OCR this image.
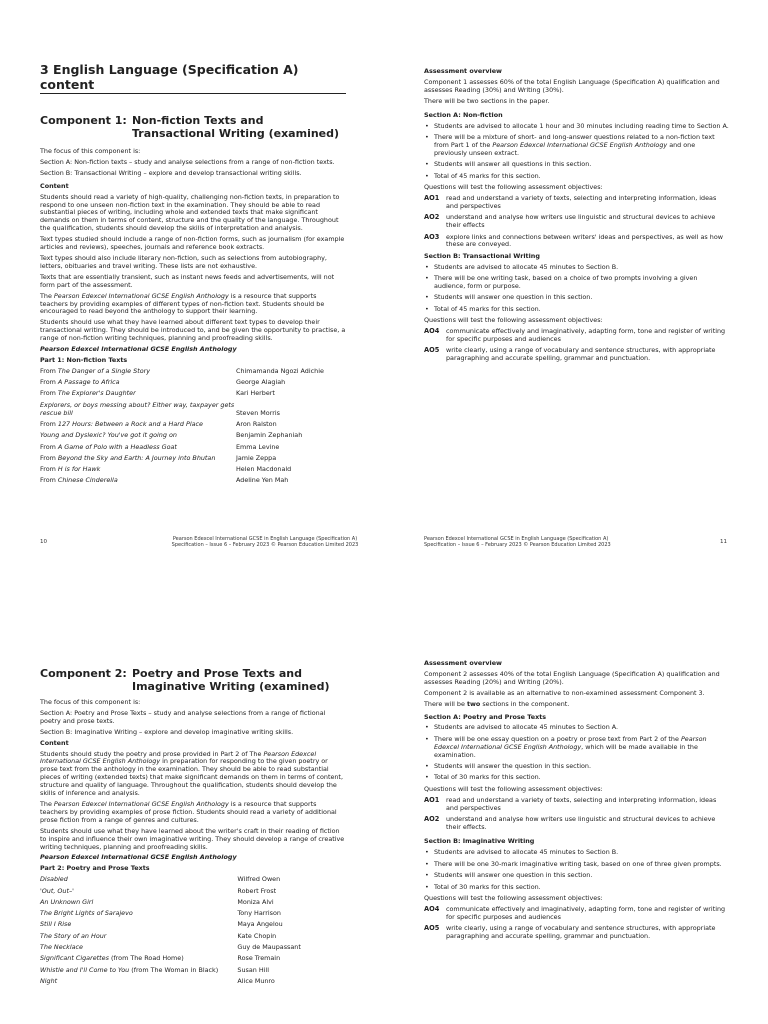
3 English Language (Specification A) content
Component 1: Non-fiction Texts and Transactional Writing (examined)

The focus of this component is:

Section A: Non-fiction texts – study and analyse selections from a range of non-fiction texts.

Section B: Transactional Writing – explore and develop transactional writing skills.

Content

Students should read a variety of high-quality, challenging non-fiction texts, in preparation to respond to one unseen non-fiction text in the examination. They should be able to read substantial pieces of writing, including whole and extended texts that make significant demands on them in terms of content, structure and the quality of the language. Throughout the qualification, students should develop the skills of interpretation and analysis.

Text types studied should include a range of non-fiction forms, such as journalism (for example articles and reviews), speeches, journals and reference book extracts.

Text types should also include literary non-fiction, such as selections from autobiography, letters, obituaries and travel writing. These lists are not exhaustive.

Texts that are essentially transient, such as instant news feeds and advertisements, will not form part of the assessment.

The Pearson Edexcel International GCSE English Anthology is a resource that supports teachers by providing examples of different types of non-fiction text. Students should be encouraged to read beyond the anthology to support their learning.

Students should use what they have learned about different text types to develop their transactional writing. They should be introduced to, and be given the opportunity to practise, a range of non-fiction writing techniques, planning and proofreading skills.

Pearson Edexcel International GCSE English Anthology

Part 1: Non-fiction Texts

From The Danger of a Single Story	Chimamanda Ngozi Adichie
From A Passage to Africa	George Alagiah
From The Explorer's Daughter	Kari Herbert
Explorers, or boys messing about? Either way, taxpayer gets rescue bill	Steven Morris
From 127 Hours: Between a Rock and a Hard Place	Aron Ralston
Young and Dyslexic? You've got it going on	Benjamin Zephaniah
From A Game of Polo with a Headless Goat	Emma Levine
From Beyond the Sky and Earth: A Journey into Bhutan	Jamie Zeppa
From H is for Hawk	Helen Macdonald
From Chinese Cinderella	Adeline Yen Mah
10	Pearson Edexcel International GCSE in English Language (Specification A)
Specification – Issue 6 – February 2023 © Pearson Education Limited 2023

Assessment overview

Component 1 assesses 60% of the total English Language (Specification A) qualification and assesses Reading (30%) and Writing (30%).

There will be two sections in the paper.

Section A: Non-fiction

• Students are advised to allocate 1 hour and 30 minutes including reading time to Section A.
• There will be a mixture of short- and long-answer questions related to a non-fiction text from Part 1 of the Pearson Edexcel International GCSE English Anthology and one previously unseen extract.
• Students will answer all questions in this section.
• Total of 45 marks for this section.

Questions will test the following assessment objectives:

AO1	read and understand a variety of texts, selecting and interpreting information, ideas and perspectives
AO2	understand and analyse how writers use linguistic and structural devices to achieve their effects
AO3	explore links and connections between writers' ideas and perspectives, as well as how these are conveyed.

Section B: Transactional Writing

• Students are advised to allocate 45 minutes to Section B.
• There will be one writing task, based on a choice of two prompts involving a given audience, form or purpose.
• Students will answer one question in this section.
• Total of 45 marks for this section.

Questions will test the following assessment objectives:

AO4	communicate effectively and imaginatively, adapting form, tone and register of writing for specific purposes and audiences
AO5	write clearly, using a range of vocabulary and sentence structures, with appropriate paragraphing and accurate spelling, grammar and punctuation.
Pearson Edexcel International GCSE in English Language (Specification A)
Specification – Issue 6 – February 2023 © Pearson Education Limited 2023
11
Component 2: Poetry and Prose Texts and Imaginative Writing (examined)

The focus of this component is:

Section A: Poetry and Prose Texts – study and analyse selections from a range of fictional poetry and prose texts.

Section B: Imaginative Writing – explore and develop imaginative writing skills.

Content

Students should study the poetry and prose provided in Part 2 of The Pearson Edexcel International GCSE English Anthology in preparation for responding to the given poetry or prose text from the anthology in the examination. They should be able to read substantial pieces of writing (extended texts) that make significant demands on them in terms of content, structure and quality of language. Throughout the qualification, students should develop the skills of inference and analysis.

The Pearson Edexcel International GCSE English Anthology is a resource that supports teachers by providing examples of prose fiction. Students should read a variety of additional prose fiction from a range of genres and cultures.

Students should use what they have learned about the writer's craft in their reading of fiction to inspire and influence their own imaginative writing. They should develop a range of creative writing techniques, planning and proofreading skills.

Pearson Edexcel International GCSE English Anthology

Part 2: Poetry and Prose Texts

Disabled	Wilfred Owen
'Out, Out–'	Robert Frost
An Unknown Girl	Moniza Alvi
The Bright Lights of Sarajevo	Tony Harrison
Still I Rise	Maya Angelou
The Story of an Hour	Kate Chopin
The Necklace	Guy de Maupassant
Significant Cigarettes (from The Road Home)	Rose Tremain
Whistle and I'll Come to You (from The Woman in Black)	Susan Hill
Night	Alice Munro

Assessment overview

Component 2 assesses 40% of the total English Language (Specification A) qualification and assesses Reading (20%) and Writing (20%).

Component 2 is available as an alternative to non-examined assessment Component 3.

There will be two sections in the component.

Section A: Poetry and Prose Texts

• Students are advised to allocate 45 minutes to Section A.
• There will be one essay question on a poetry or prose text from Part 2 of the Pearson Edexcel International GCSE English Anthology, which will be made available in the examination.
• Students will answer the question in this section.
• Total of 30 marks for this section.

Questions will test the following assessment objectives:

AO1	read and understand a variety of texts, selecting and interpreting information, ideas and perspectives
AO2	understand and analyse how writers use linguistic and structural devices to achieve their effects.

Section B: Imaginative Writing

• Students are advised to allocate 45 minutes to Section B.
• There will be one 30-mark imaginative writing task, based on one of three given prompts.
• Students will answer one question in this section.
• Total of 30 marks for this section.

Questions will test the following assessment objectives:

AO4	communicate effectively and imaginatively, adapting form, tone and register of writing for specific purposes and audiences
AO5	write clearly, using a range of vocabulary and sentence structures, with appropriate paragraphing and accurate spelling, grammar and punctuation.
